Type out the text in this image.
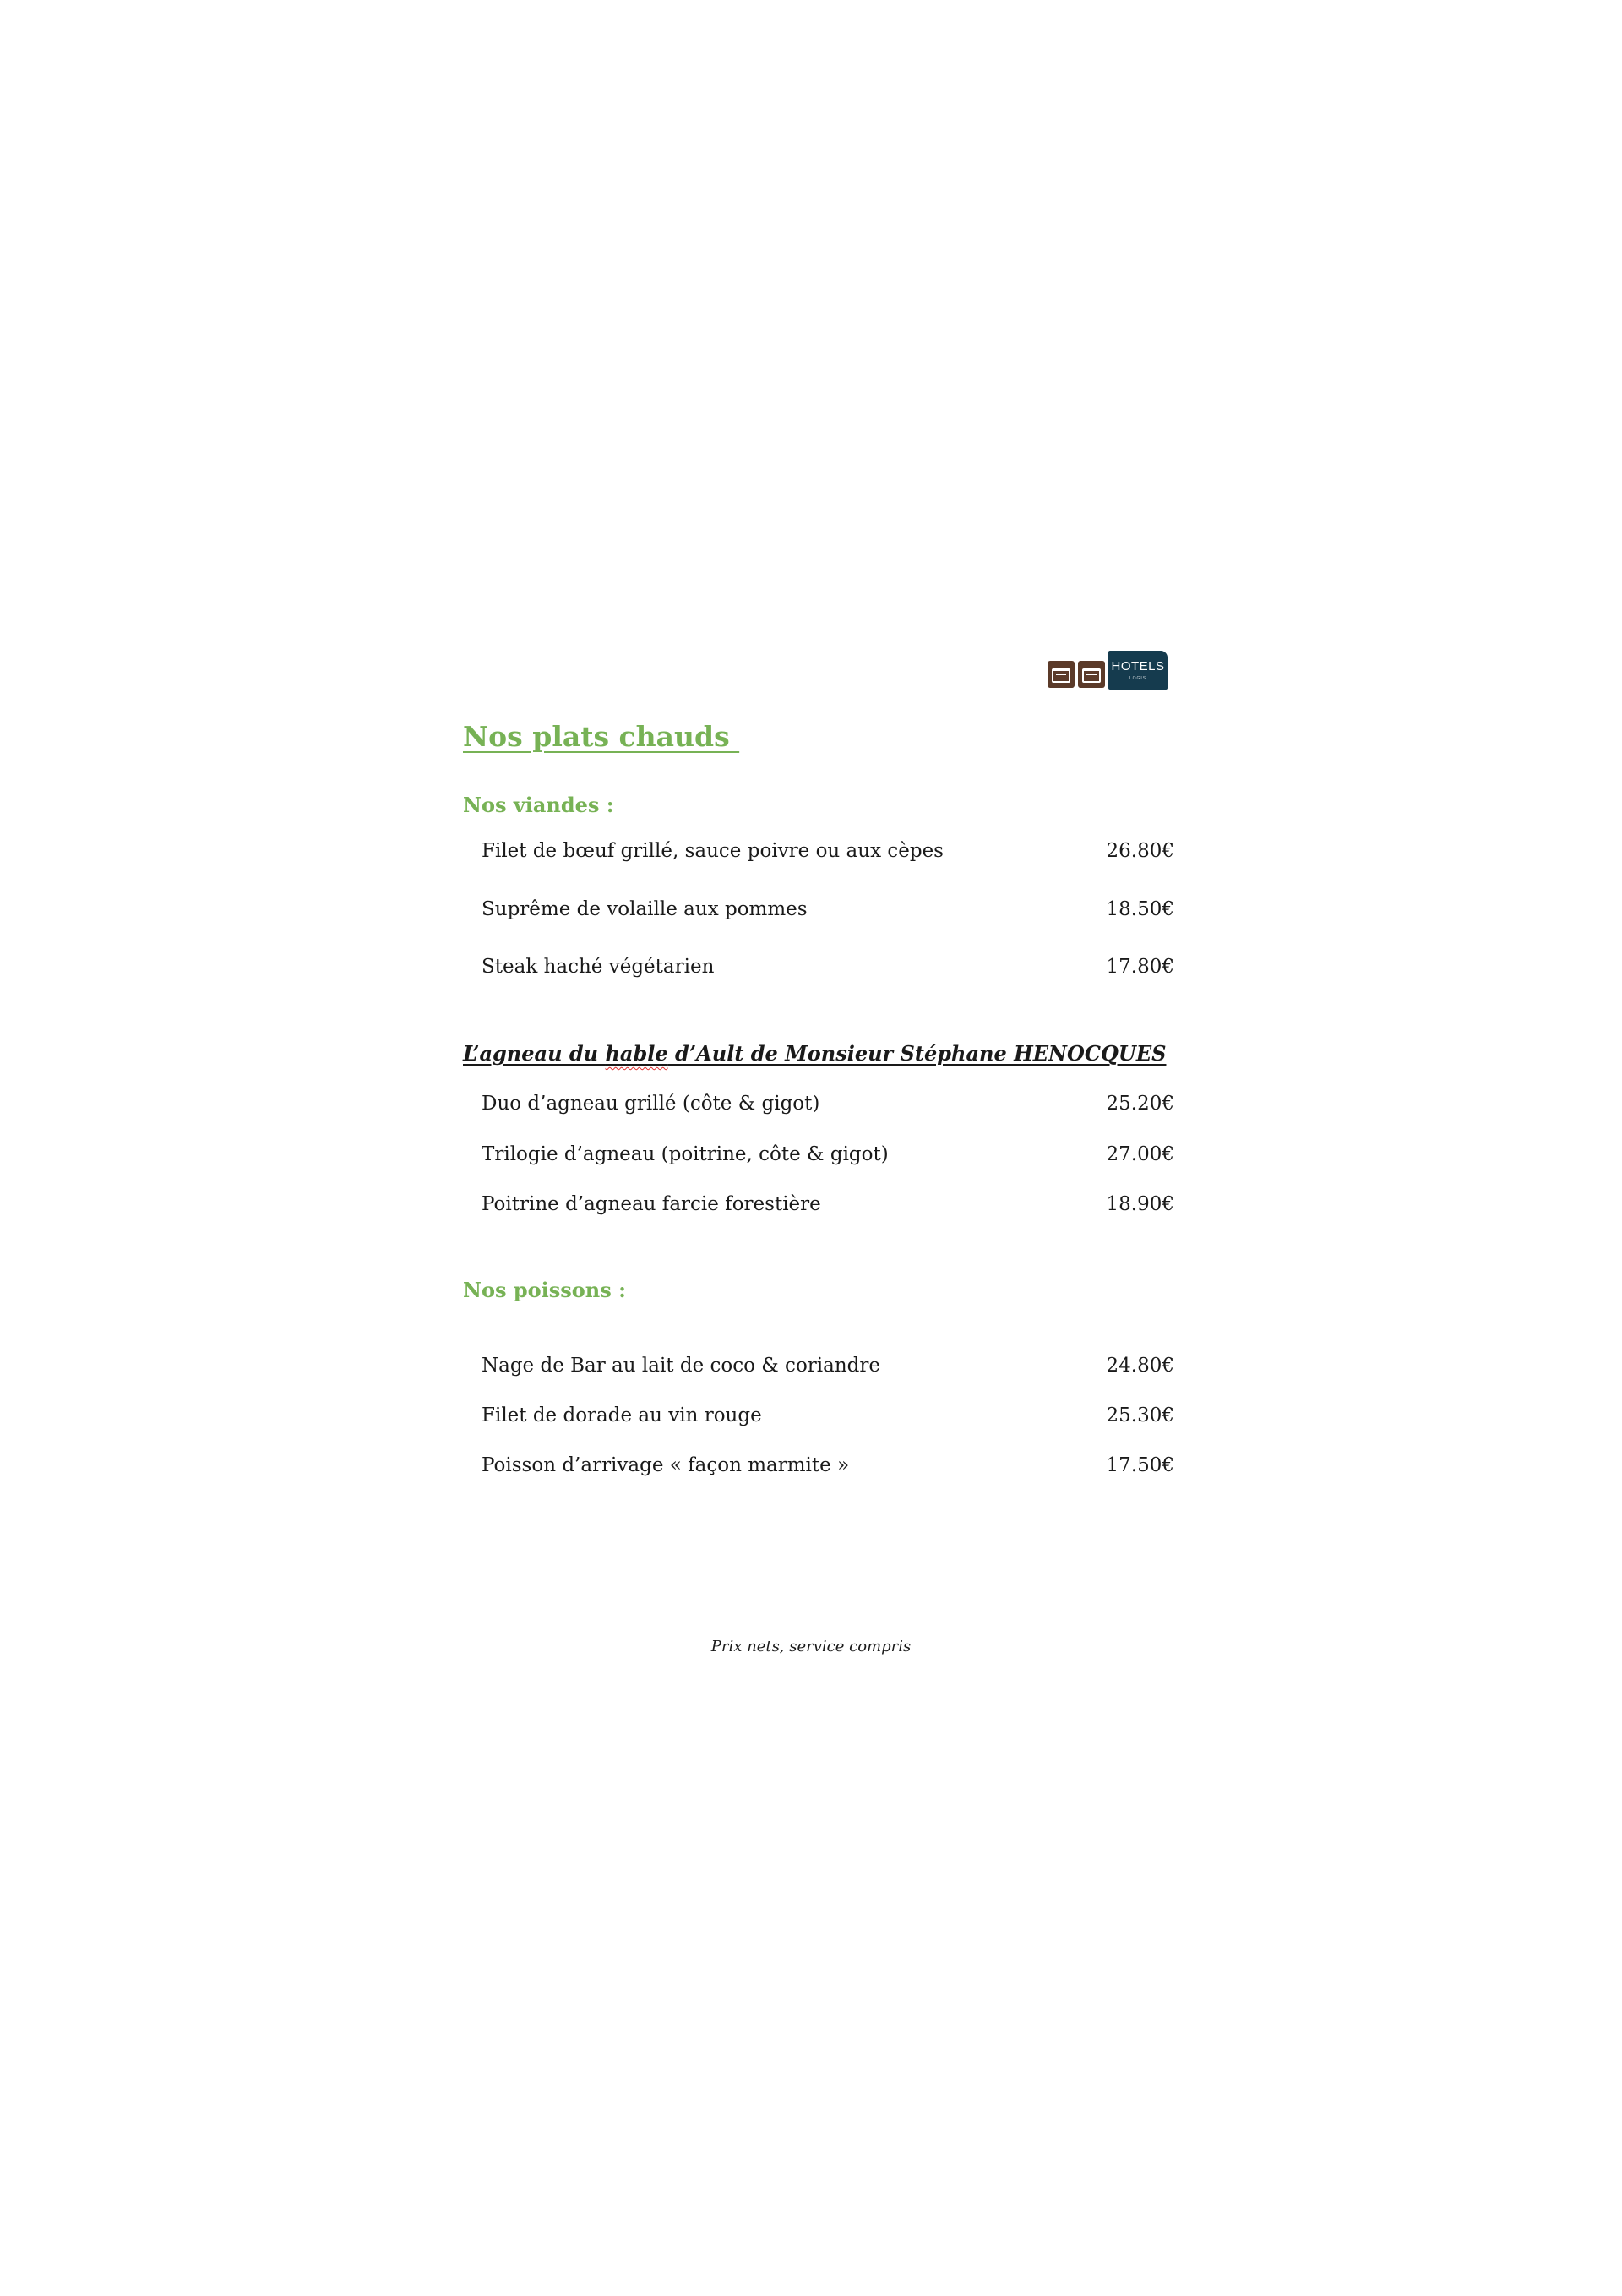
HOTELS
LOGIS
Nos plats chauds
Nos viandes :
Filet de bœuf grillé, sauce poivre ou aux cèpes	26.80€
Suprême de volaille aux pommes	18.50€
Steak haché végétarien	17.80€
L’agneau du hable d’Ault de Monsieur Stéphane HENOCQUES
Duo d’agneau grillé (côte & gigot)	25.20€
Trilogie d’agneau (poitrine, côte & gigot)	27.00€
Poitrine d’agneau farcie forestière	18.90€
Nos poissons :
Nage de Bar au lait de coco & coriandre	24.80€
Filet de dorade au vin rouge	25.30€
Poisson d’arrivage « façon marmite »	17.50€

Prix nets, service compris
